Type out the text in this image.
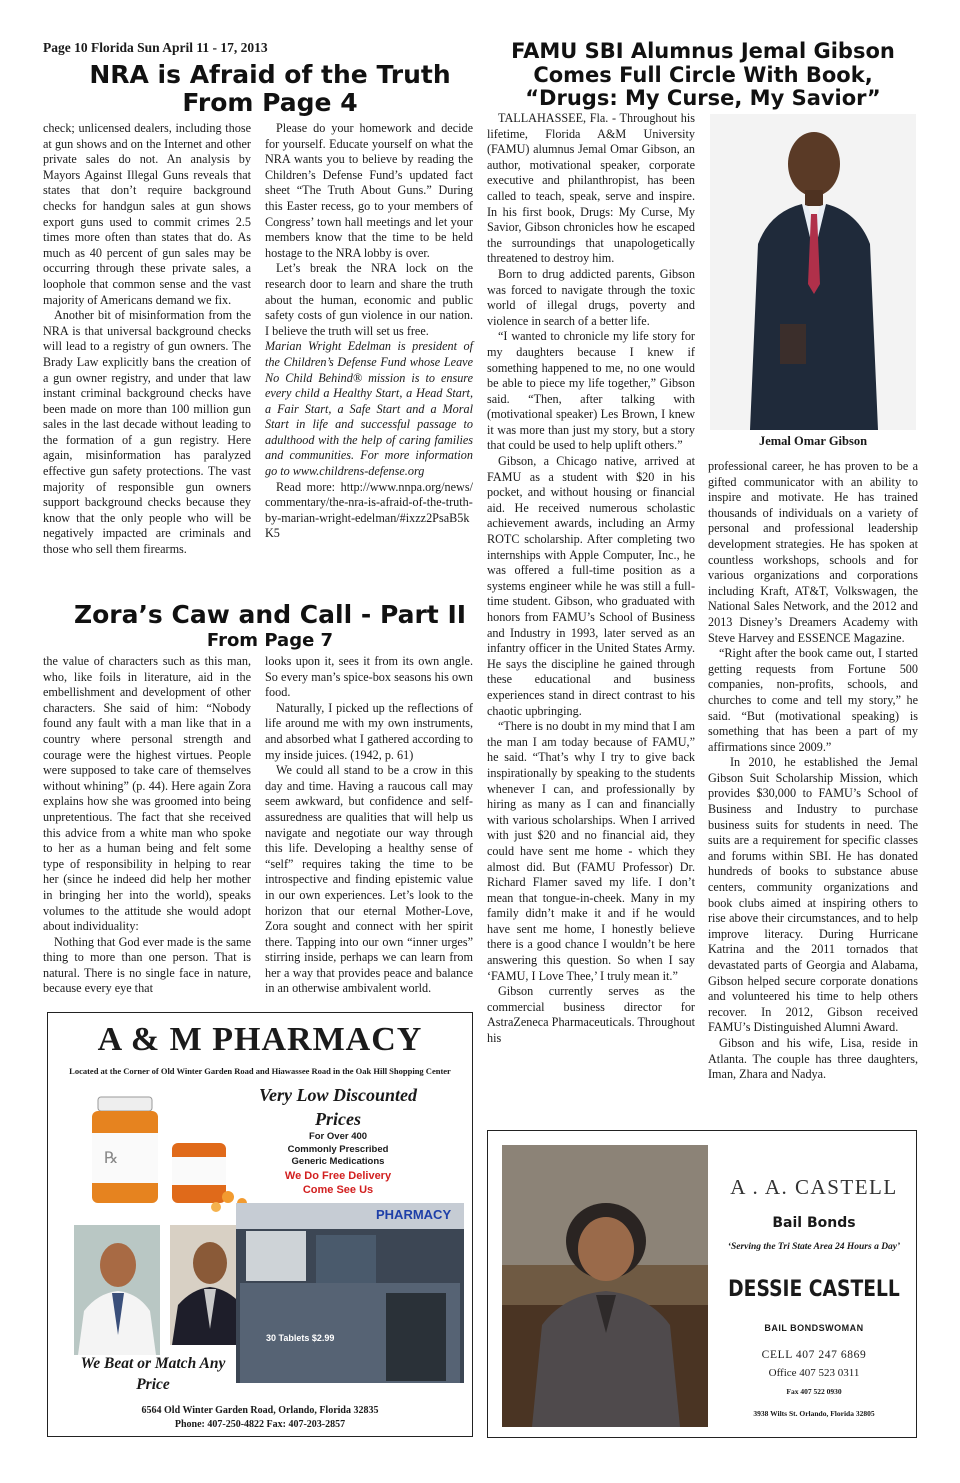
Page 10 Florida Sun April 11 - 17, 2013
NRA is Afraid of the Truth
From Page 4

check; unlicensed dealers, including those at gun shows and on the Internet and other private sales do not. An analysis by Mayors Against Illegal Guns reveals that states that don’t require background checks for handgun sales at gun shows export guns used to commit crimes 2.5 times more often than states that do. As much as 40 percent of gun sales may be occurring through these private sales, a loophole that common sense and the vast majority of Americans demand we fix.

Another bit of misinformation from the NRA is that universal background checks will lead to a registry of gun owners. The Brady Law explicitly bans the creation of a gun owner registry, and under that law instant criminal background checks have been made on more than 100 million gun sales in the last decade without leading to the formation of a gun registry. Here again, misinformation has paralyzed effective gun safety protections. The vast majority of responsible gun owners support background checks because they know that the only people who will be negatively impacted are criminals and those who sell them firearms.

Please do your homework and decide for yourself. Educate yourself on what the NRA wants you to believe by reading the Children’s Defense Fund’s updated fact sheet “The Truth About Guns.” During this Easter recess, go to your members of Congress’ town hall meetings and let your members know that the time to be held hostage to the NRA lobby is over.

Let’s break the NRA lock on the research door to learn and share the truth about the human, economic and public safety costs of gun violence in our nation. I believe the truth will set us free.

Marian Wright Edelman is president of the Children’s Defense Fund whose Leave No Child Behind® mission is to ensure every child a Healthy Start, a Head Start, a Fair Start, a Safe Start and a Moral Start in life and successful passage to adulthood with the help of caring families and communities. For more information go to www.childrens-defense.org

Read more: http://www.nnpa.org/news/commentary/the-nra-is-afraid-of-the-truth-by-marian-wright-edelman/#ixzz2PsaB5kK5

Zora’s Caw and Call - Part II
From Page 7

the value of characters such as this man, who, like foils in literature, aid in the embellishment and development of other characters. She said of him: “Nobody found any fault with a man like that in a country where personal strength and courage were the highest virtues. People were supposed to take care of themselves without whining” (p. 44). Here again Zora explains how she was groomed into being unpretentious. The fact that she received this advice from a white man who spoke to her as a human being and felt some type of responsibility in helping to rear her (since he indeed did help her mother in bringing her into the world), speaks volumes to the attitude she would adopt about individuality:

Nothing that God ever made is the same thing to more than one person. That is natural. There is no single face in nature, because every eye that

looks upon it, sees it from its own angle. So every man’s spice-box seasons his own food.

Naturally, I picked up the reflections of life around me with my own instruments, and absorbed what I gathered according to my inside juices. (1942, p. 61)

We could all stand to be a crow in this day and time. Having a raucous call may seem awkward, but confidence and self-assuredness are qualities that will help us navigate and negotiate our way through this life. Developing a healthy sense of “self” requires taking the time to be introspective and finding epistemic value in our own experiences. Let’s look to the horizon that our eternal Mother-Love, Zora sought and connect with her spirit there. Tapping into our own “inner urges” stirring inside, perhaps we can learn from her a way that provides peace and balance in an otherwise ambivalent world.

FAMU SBI Alumnus Jemal Gibson
Comes Full Circle With Book,
“Drugs: My Curse, My Savior”

TALLAHASSEE, Fla. - Throughout his lifetime, Florida A&M University (FAMU) alumnus Jemal Omar Gibson, an author, motivational speaker, corporate executive and philanthropist, has been called to teach, speak, serve and inspire. In his first book, Drugs: My Curse, My Savior, Gibson chronicles how he escaped the surroundings that unapologetically threatened to destroy him.

Born to drug addicted parents, Gibson was forced to navigate through the toxic world of illegal drugs, poverty and violence in search of a better life.

“I wanted to chronicle my life story for my daughters because I knew if something happened to me, no one would be able to piece my life together,” Gibson said. “Then, after talking with (motivational speaker) Les Brown, I knew it was more than just my story, but a story that could be used to help uplift others.”

Gibson, a Chicago native, arrived at FAMU as a student with $20 in his pocket, and without housing or financial aid. He received numerous scholastic achievement awards, including an Army ROTC scholarship. After completing two internships with Apple Computer, Inc., he was offered a full-time position as a systems engineer while he was still a full-time student. Gibson, who graduated with honors from FAMU’s School of Business and Industry in 1993, later served as an infantry officer in the United States Army. He says the discipline he gained through these educational and business experiences stand in direct contrast to his chaotic upbringing.

“There is no doubt in my mind that I am the man I am today because of FAMU,” he said. “That’s why I try to give back inspirationally by speaking to the students whenever I can, and professionally by hiring as many as I can and financially with various scholarships. When I arrived with just $20 and no financial aid, they could have sent me home - which they almost did. But (FAMU Professor) Dr. Richard Flamer saved my life. I don’t mean that tongue-in-cheek. Many in my family didn’t make it and if he would have sent me home, I honestly believe there is a good chance I wouldn’t be here answering this question. So when I say ‘FAMU, I Love Thee,’ I truly mean it.”

Gibson currently serves as the commercial business director for AstraZeneca Pharmaceuticals. Throughout his

Jemal Omar Gibson

professional career, he has proven to be a gifted communicator with an ability to inspire and motivate. He has trained thousands of individuals on a variety of personal and professional leadership development strategies. He has spoken at countless workshops, schools and for various organizations and corporations including Kraft, AT&T, Volkswagen, the National Sales Network, and the 2012 and 2013 Disney’s Dreamers Academy with Steve Harvey and ESSENCE Magazine.

“Right after the book came out, I started getting requests from Fortune 500 companies, non-profits, schools, and churches to come and tell my story,” he said. “But (motivational speaking) is something that has been a part of my affirmations since 2009.”

In 2010, he established the Jemal Gibson Suit Scholarship Mission, which provides $30,000 to FAMU’s School of Business and Industry to purchase business suits for students in need. The suits are a requirement for specific classes and forums within SBI. He has donated hundreds of books to substance abuse centers, community organizations and book clubs aimed at inspiring others to rise above their circumstances, and to help improve literacy. During Hurricane Katrina and the 2011 tornados that devastated parts of Georgia and Alabama, Gibson helped secure corporate donations and volunteered his time to help others recover. In 2012, Gibson received FAMU’s Distinguished Alumni Award.

Gibson and his wife, Lisa, reside in Atlanta. The couple has three daughters, Iman, Zhara and Nadya.

A & M PHARMACY
Located at the Corner of Old Winter Garden Road and Hiawassee Road in the Oak Hill Shopping Center
℞
Very Low Discounted Prices
For Over 400
Commonly Prescribed
Generic Medications
We Do Free Delivery
Come See Us
PHARMACY
30 Tablets $2.99
We Beat or Match Any Price
6564 Old Winter Garden Road, Orlando, Florida 32835
Phone: 407-250-4822 Fax: 407-203-2857
A . A. CASTELL
Bail Bonds
‘Serving the Tri State Area 24 Hours a Day’
DESSIE CASTELL
BAIL BONDSWOMAN
CELL 407 247 6869
Office 407 523 0311
Fax 407 522 0930
3938 Wilts St. Orlando, Florida 32805
